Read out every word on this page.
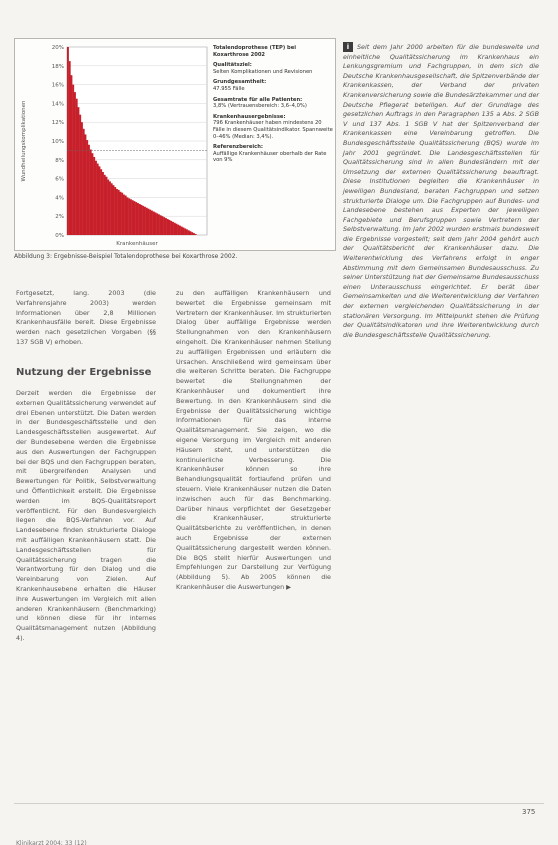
0%
2%
4%
6%
8%
10%
12%
14%
16%
18%
20%
Wundheilungskomplikationen
Krankenhäuser

Totalendoprothese (TEP) bei Koxarthrose 2002

Qualitätsziel:
Selten Komplikationen und Revisionen

Grundgesamtheit:
47.955 Fälle

Gesamtrate für alle Patienten:
3,8% (Vertrauensbereich: 3,6–4,0%)

Krankenhausergebnisse:
796 Krankenhäuser haben mindestens 20 Fälle in diesem Qualitätsindikator. Spannweite 0–46% (Median: 3,4%).

Referenzbereich:
Auffällige Krankenhäuser oberhalb der Rate von 9%

Abbildung 3: Ergebnisse-Beispiel Totalendoprothese bei Koxarthrose 2002.

Fortgesetzt, lang. 2003 (die Verfahrensjahre 2003) werden Informationen über 2,8 Millionen Krankenhausfälle bereit. Diese Ergebnisse werden nach gesetzlichen Vorgaben (§§ 137 SGB V) erhoben.

Nutzung der Ergebnisse

Derzeit werden die Ergebnisse der externen Qualitätssicherung verwendet auf drei Ebenen unterstützt. Die Daten werden in der Bundesgeschäftsstelle und den Landesgeschäftsstellen ausgewertet. Auf der Bundesebene werden die Ergebnisse aus den Auswertungen der Fachgruppen bei der BQS und den Fachgruppen beraten, mit übergreifenden Analysen und Bewertungen für Politik, Selbstverwaltung und Öffentlichkeit erstellt. Die Ergebnisse werden im BQS-Qualitätsreport veröffentlicht. Für den Bundesvergleich liegen die BQS-Verfahren vor. Auf Landesebene finden strukturierte Dialoge mit auffälligen Krankenhäusern statt. Die Landesgeschäftsstellen für Qualitätssicherung tragen die Verantwortung für den Dialog und die Vereinbarung von Zielen. Auf Krankenhausebene erhalten die Häuser ihre Auswertungen im Vergleich mit allen anderen Krankenhäusern (Benchmarking) und können diese für ihr internes Qualitätsmanagement nutzen (Abbildung 4).

zu den auffälligen Krankenhäusern und bewertet die Ergebnisse gemeinsam mit Vertretern der Krankenhäuser. Im strukturierten Dialog über auffällige Ergebnisse werden Stellungnahmen von den Krankenhäusern eingeholt. Die Krankenhäuser nehmen Stellung zu auffälligen Ergebnissen und erläutern die Ursachen. Anschließend wird gemeinsam über die weiteren Schritte beraten. Die Fachgruppe bewertet die Stellungnahmen der Krankenhäuser und dokumentiert ihre Bewertung. In den Krankenhäusern sind die Ergebnisse der Qualitätssicherung wichtige Informationen für das interne Qualitätsmanagement. Sie zeigen, wo die eigene Versorgung im Vergleich mit anderen Häusern steht, und unterstützen die kontinuierliche Verbesserung. Die Krankenhäuser können so ihre Behandlungsqualität fortlaufend prüfen und steuern. Viele Krankenhäuser nutzen die Daten inzwischen auch für das Benchmarking. Darüber hinaus verpflichtet der Gesetzgeber die Krankenhäuser, strukturierte Qualitätsberichte zu veröffentlichen, in denen auch Ergebnisse der externen Qualitätssicherung dargestellt werden können. Die BQS stellt hierfür Auswertungen und Empfehlungen zur Darstellung zur Verfügung (Abbildung 5). Ab 2005 können die Krankenhäuser die Auswertungen ▶

i Seit dem Jahr 2000 arbeiten für die bundesweite und einheitliche Qualitätssicherung im Krankenhaus ein Lenkungsgremium und Fachgruppen, in dem sich die Deutsche Krankenhausgesellschaft, die Spitzenverbände der Krankenkassen, der Verband der privaten Krankenversicherung sowie die Bundesärztekammer und der Deutsche Pflegerat beteiligen. Auf der Grundlage des gesetzlichen Auftrags in den Paragraphen 135 a Abs. 2 SGB V und 137 Abs. 1 SGB V hat der Spitzenverband der Krankenkassen eine Vereinbarung getroffen. Die Bundesgeschäftsstelle Qualitätssicherung (BQS) wurde im Jahr 2001 gegründet. Die Landesgeschäftsstellen für Qualitätssicherung sind in allen Bundesländern mit der Umsetzung der externen Qualitätssicherung beauftragt. Diese Institutionen begleiten die Krankenhäuser in jeweiligen Bundesland, beraten Fachgruppen und setzen strukturierte Dialoge um. Die Fachgruppen auf Bundes- und Landesebene bestehen aus Experten der jeweiligen Fachgebiete und Berufsgruppen sowie Vertretern der Selbstverwaltung. Im Jahr 2002 wurden erstmals bundesweit die Ergebnisse vorgestellt; seit dem Jahr 2004 gehört auch der Qualitätsbericht der Krankenhäuser dazu. Die Weiterentwicklung des Verfahrens erfolgt in enger Abstimmung mit dem Gemeinsamen Bundesausschuss. Zu seiner Unterstützung hat der Gemeinsame Bundesausschuss einen Unterausschuss eingerichtet. Er berät über Gemeinsamkeiten und die Weiterentwicklung der Verfahren der externen vergleichenden Qualitätssicherung in der stationären Versorgung. Im Mittelpunkt stehen die Prüfung der Qualitätsindikatoren und ihre Weiterentwicklung durch die Bundesgeschäftsstelle Qualitätssicherung.
Klinikarzt 2004; 33 (12)
375
